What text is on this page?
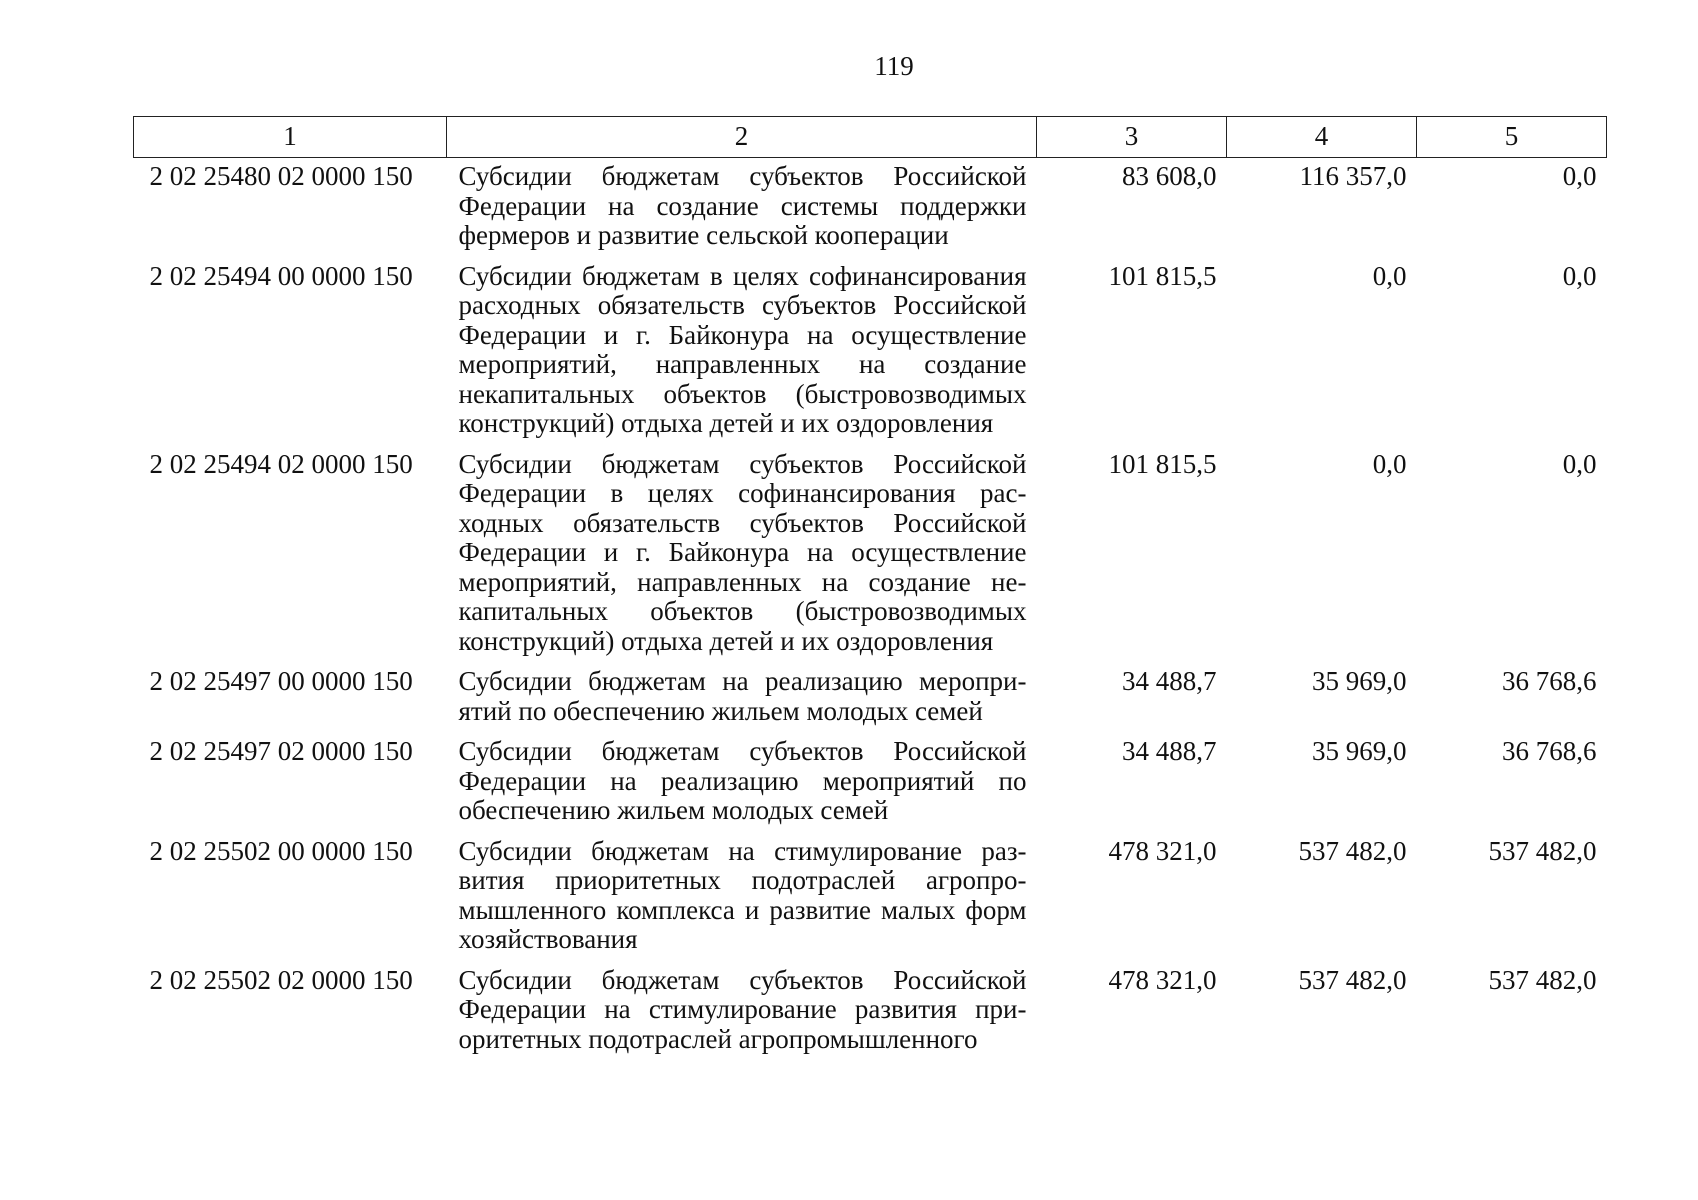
119
1	2	3	4	5
2 02 25480 02 0000 150	Субсидии бюджетам субъектов Российской Федерации на создание системы поддержки фермеров и развитие сельской кооперации	83 608,0	116 357,0	0,0
2 02 25494 00 0000 150	Субсидии бюджетам в целях софинансирования расходных обязательств субъектов Российской Федерации и г. Байконура на осуществление мероприятий, направленных на создание некапитальных объектов (быстровозводимых конструкций) отдыха детей и их оздоровления	101 815,5	0,0	0,0
2 02 25494 02 0000 150	Субсидии бюджетам субъектов Российской Федерации в целях софинансирования расходных обязательств субъектов Российской Федерации и г. Байконура на осуществление мероприятий, направленных на создание некапитальных объектов (быстровозводимых конструкций) отдыха детей и их оздоровления	101 815,5	0,0	0,0
2 02 25497 00 0000 150	Субсидии бюджетам на реализацию мероприятий по обеспечению жильем молодых семей	34 488,7	35 969,0	36 768,6
2 02 25497 02 0000 150	Субсидии бюджетам субъектов Российской Федерации на реализацию мероприятий по обеспечению жильем молодых семей	34 488,7	35 969,0	36 768,6
2 02 25502 00 0000 150	Субсидии бюджетам на стимулирование развития приоритетных подотраслей агропромышленного комплекса и развитие малых форм хозяйствования	478 321,0	537 482,0	537 482,0
2 02 25502 02 0000 150	Субсидии бюджетам субъектов Российской Федерации на стимулирование развития приоритетных подотраслей агропромышленного	478 321,0	537 482,0	537 482,0
